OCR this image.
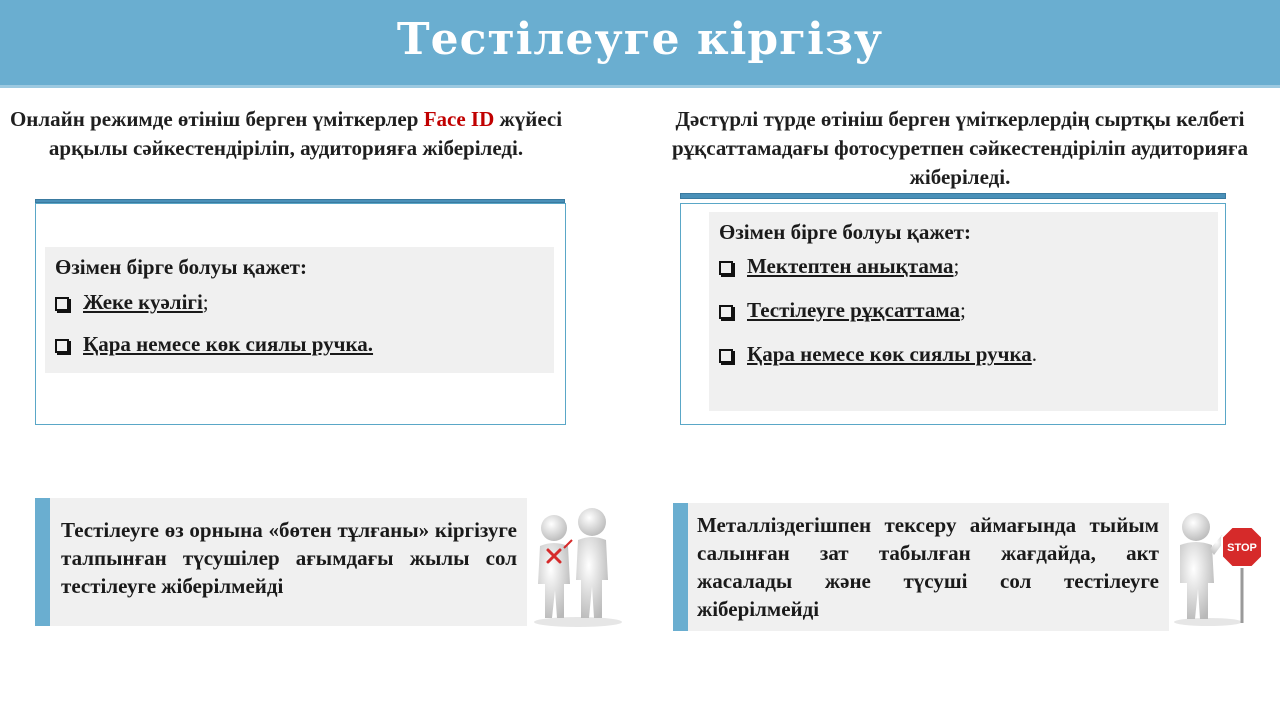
Тестілеуге кіргізу
Онлайн режимде өтініш берген үміткерлер Face ID жүйесі арқылы сәйкестендіріліп, аудиторияға жіберіледі.
Дәстүрлі түрде өтініш берген үміткерлердің сыртқы келбеті рұқсаттамадағы фотосуретпен сәйкестендіріліп аудиторияға жіберіледі.
Өзімен бірге болуы қажет:
Жеке куәлігі ;
Қара немесе көк сиялы ручка.
Өзімен бірге болуы қажет:
Мектептен анықтама ;
Тестілеуге рұқсаттама ;
Қара немесе көк сиялы ручка .
Тестілеуге өз орнына «бөтен тұлғаны» кіргізуге талпынған түсушілер ағымдағы жылы сол тестілеуге жіберілмейді
Металліздегішпен тексеру аймағында тыйым салынған зат табылған жағдайда, акт жасалады және түсуші сол тестілеуге жіберілмейді
STOP
